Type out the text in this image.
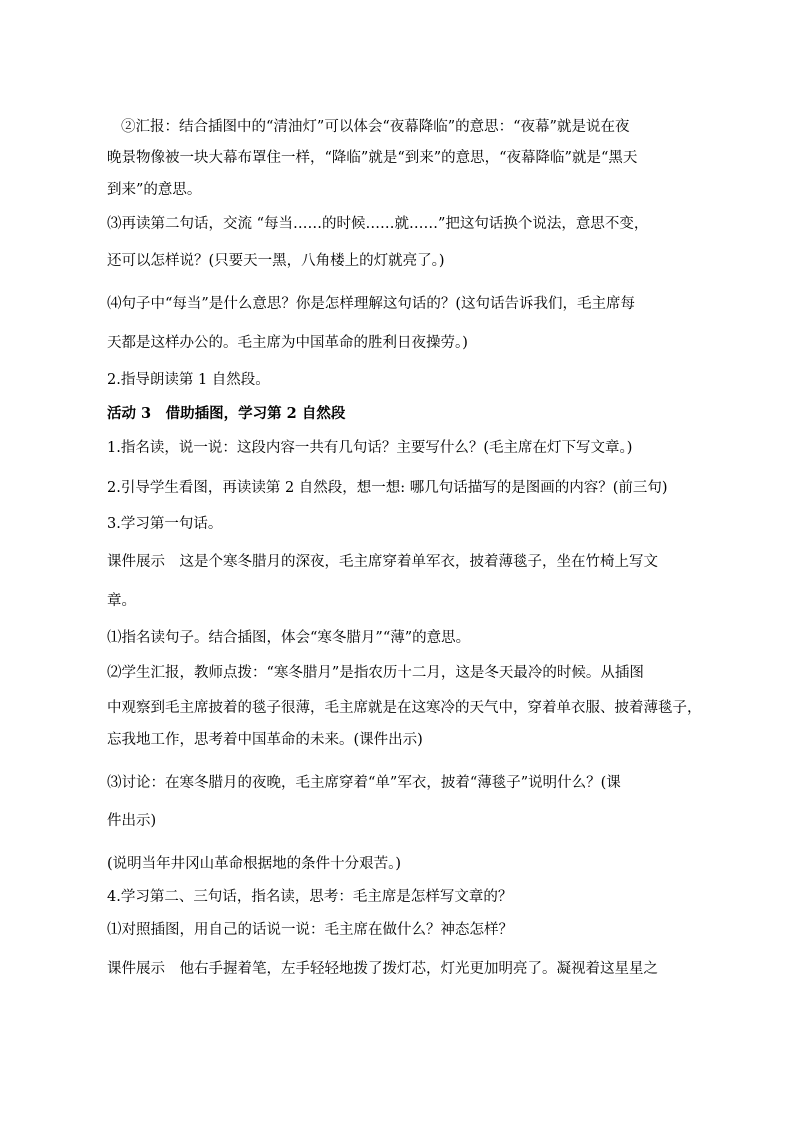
②汇报：结合插图中的“清油灯”可以体会“夜幕降临”的意思：“夜幕”就是说在夜

晚景物像被一块大幕布罩住一样，“降临”就是“到来”的意思，“夜幕降临”就是“黑天

到来”的意思。

⑶再读第二句话，交流 “每当……的时候……就……”把这句话换个说法，意思不变，

还可以怎样说？(只要天一黑，八角楼上的灯就亮了。)

⑷句子中“每当”是什么意思？你是怎样理解这句话的？(这句话告诉我们，毛主席每

天都是这样办公的。毛主席为中国革命的胜利日夜操劳。)

2.指导朗读第 1 自然段。

活动 3　借助插图，学习第 2 自然段

1.指名读，说一说：这段内容一共有几句话？主要写什么？(毛主席在灯下写文章。)

2.引导学生看图，再读读第 2 自然段，想一想: 哪几句话描写的是图画的内容？(前三句)

3.学习第一句话。

课件展示　这是个寒冬腊月的深夜，毛主席穿着单军衣，披着薄毯子，坐在竹椅上写文

章。

⑴指名读句子。结合插图，体会“寒冬腊月”“薄”的意思。

⑵学生汇报，教师点拨：“寒冬腊月”是指农历十二月，这是冬天最冷的时候。从插图

中观察到毛主席披着的毯子很薄，毛主席就是在这寒冷的天气中，穿着单衣服、披着薄毯子，

忘我地工作，思考着中国革命的未来。(课件出示)

⑶讨论：在寒冬腊月的夜晚，毛主席穿着“单”军衣，披着“薄毯子”说明什么？(课

件出示)

(说明当年井冈山革命根据地的条件十分艰苦。)

4.学习第二、三句话，指名读，思考：毛主席是怎样写文章的？

⑴对照插图，用自己的话说一说：毛主席在做什么？神态怎样？

课件展示　他右手握着笔，左手轻轻地拨了拨灯芯，灯光更加明亮了。凝视着这星星之
